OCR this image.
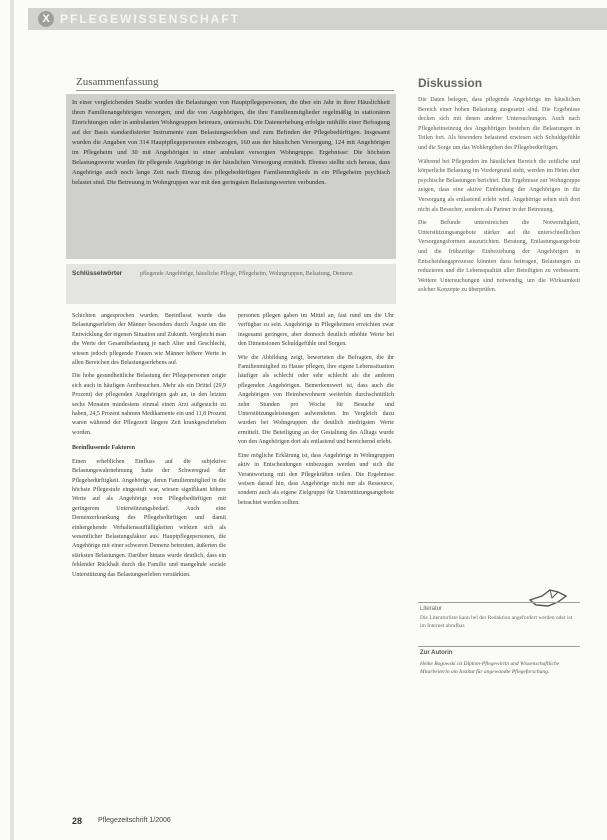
X PFLEGEWISSENSCHAFT
Zusammenfassung	Diskussion
In einer vergleichenden Studie wurden die Belastungen von Hauptpflegepersonen, die über ein Jahr in ihrer Häuslichkeit ihren Familienangehörigen versorgen, und die von Angehörigen, die ihre Familienmitglieder regelmäßig in stationären Einrichtungen oder in ambulanten Wohngruppen betreuen, untersucht. Die Datenerhebung erfolgte mithilfe einer Befragung auf der Basis standardisierter Instrumente zum Belastungserleben und zum Befinden der Pflegebedürftigen. Insgesamt wurden die Angaben von 314 Hauptpflegepersonen einbezogen, 160 aus der häuslichen Versorgung, 124 mit Angehörigen im Pflegeheim und 30 mit Angehörigen in einer ambulant versorgten Wohngruppe. Ergebnisse: Die höchsten Belastungswerte wurden für pflegende Angehörige in der häuslichen Versorgung ermittelt. Ebenso stellte sich heraus, dass Angehörige auch noch lange Zeit nach Einzug des pflegebedürftigen Familienmitglieds in ein Pflegeheim psychisch belastet sind. Die Betreuung in Wohngruppen war mit den geringsten Belastungswerten verbunden.
Schlüsselwörter	pflegende Angehörige, häusliche Pflege, Pflegeheim, Wohngruppen, Belastung, Demenz

Schichten angesprochen wurden. Beeinflusst wurde das Belastungserleben der Männer besonders durch Ängste um die Entwicklung der eigenen Situation und Zukunft. Vergleicht man die Werte der Gesamtbelastung je nach Alter und Geschlecht, wiesen jedoch pflegende Frauen wie Männer höhere Werte in allen Bereichen des Belastungserlebens auf.

Die hohe gesundheitliche Belastung der Pflegepersonen zeigte sich auch in häufigen Arztbesuchen. Mehr als ein Drittel (29,9 Prozent) der pflegenden Angehörigen gab an, in den letzten sechs Monaten mindestens einmal einen Arzt aufgesucht zu haben, 24,5 Prozent nahmen Medikamente ein und 11,8 Prozent waren während der Pflegezeit längere Zeit krankgeschrieben worden.

Beeinflussende Faktoren

Einen erheblichen Einfluss auf die subjektive Belastungswahrnehmung hatte der Schweregrad der Pflegebedürftigkeit. Angehörige, deren Familienmitglied in die höchste Pflegestufe eingestuft war, wiesen signifikant höhere Werte auf als Angehörige von Pflegebedürftigen mit geringerem Unterstützungsbedarf. Auch eine Demenzerkrankung des Pflegebedürftigen und damit einhergehende Verhaltensauffälligkeiten wirkten sich als wesentlicher Belastungsfaktor aus. Hauptpflegepersonen, die Angehörige mit einer schweren Demenz betreuten, äußerten die stärksten Belastungen. Darüber hinaus wurde deutlich, dass ein fehlender Rückhalt durch die Familie und mangelnde soziale Unterstützung das Belastungserleben verstärkten.

personen pflegen gaben im Mittel an, fast rund um die Uhr verfügbar zu sein. Angehörige in Pflegeheimen erreichten zwar insgesamt geringere, aber dennoch deutlich erhöhte Werte bei den Dimensionen Schuldgefühle und Sorgen.

Wie die Abbildung zeigt, bewerteten die Befragten, die ihr Familienmitglied zu Hause pflegen, ihre eigene Lebenssituation häufiger als schlecht oder sehr schlecht als die anderen pflegenden Angehörigen. Bemerkenswert ist, dass auch die Angehörigen von Heimbewohnern weiterhin durchschnittlich zehn Stunden pro Woche für Besuche und Unterstützungsleistungen aufwendeten. Im Vergleich dazu wurden bei Wohngruppen die deutlich niedrigsten Werte ermittelt. Die Beteiligung an der Gestaltung des Alltags wurde von den Angehörigen dort als entlastend und bereichernd erlebt.

Eine mögliche Erklärung ist, dass Angehörige in Wohngruppen aktiv in Entscheidungen einbezogen werden und sich die Verantwortung mit den Pflegekräften teilen. Die Ergebnisse weisen darauf hin, dass Angehörige nicht nur als Ressource, sondern auch als eigene Zielgruppe für Unterstützungsangebote betrachtet werden sollten.

Die Daten belegen, dass pflegende Angehörige im häuslichen Bereich einer hohen Belastung ausgesetzt sind. Die Ergebnisse decken sich mit denen anderer Untersuchungen. Auch nach Pflegeheimeinzug des Angehörigen bestehen die Belastungen in Teilen fort. Als besonders belastend erwiesen sich Schuldgefühle und die Sorge um das Wohlergehen des Pflegebedürftigen.

Während bei Pflegenden im häuslichen Bereich die zeitliche und körperliche Belastung im Vordergrund steht, werden im Heim eher psychische Belastungen berichtet. Die Ergebnisse zur Wohngruppe zeigen, dass eine aktive Einbindung der Angehörigen in die Versorgung als entlastend erlebt wird. Angehörige sehen sich dort nicht als Besucher, sondern als Partner in der Betreuung.

Die Befunde unterstreichen die Notwendigkeit, Unterstützungsangebote stärker auf die unterschiedlichen Versorgungsformen auszurichten. Beratung, Entlastungsangebote und die frühzeitige Einbeziehung der Angehörigen in Entscheidungsprozesse könnten dazu beitragen, Belastungen zu reduzieren und die Lebensqualität aller Beteiligten zu verbessern. Weitere Untersuchungen sind notwendig, um die Wirksamkeit solcher Konzepte zu überprüfen.

Literatur
Die Literaturliste kann bei der Redaktion angefordert werden oder ist im Internet abrufbar.
Zur Autorin
Heike Rogowski ist Diplom-Pflegewirtin und Wissenschaftliche Mitarbeiterin am Institut für angewandte Pflegeforschung.
28 Pflegezeitschrift 1/2006
